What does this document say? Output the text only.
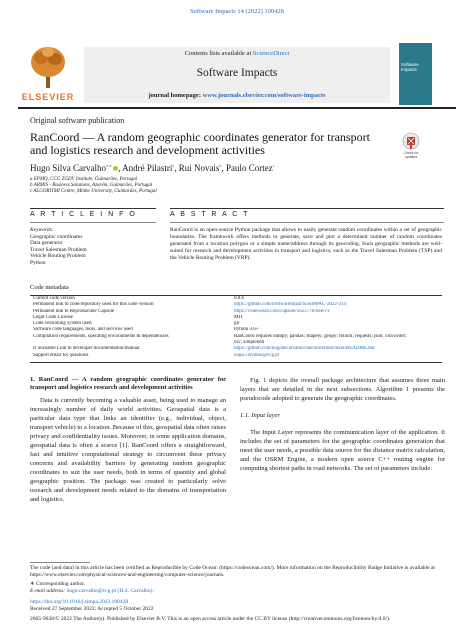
Software Impacts 14 (2022) 100428
ELSEVIER
Contents lists available at ScienceDirect
Software Impacts
journal homepage: www.journals.elsevier.com/software-impacts
Software Impacts
Original software publication
RanCoord — A random geographic coordinates generator for transport and logistics research and development activities	Check for updates
Hugo Silva Carvalho$^{a,∗}$ , André Pilastri$^a$, Rui Novais$^b$, Paulo Cortez$^c$
a EPMQ, CCG ZGDV Institute, Guimarães, Portugal
b ARMIS - Business Solutions, Azurém, Guimarães, Portugal
c ALGORITMI Centre, Minho University, Guimarães, Portugal
A R T I C L E I N F O	A B S T R A C T
Keywords:
Geographic coordinates
Data generator
Travel Salesman Problem
Vehicle Routing Problem
Python
RanCoord is an open-source Python package that allows to easily generate random coordinates within a set of geographic boundaries. The framework offers methods to generate, save and plot a determined number of random coordinates generated from a location polygon or a simple name/address through its geocoding. Such geographic methods are well-suited for research and development activities in transport and logistics, such as the Travel Salesman Problem (TSP) and the Vehicle Routing Problem (VRP).
Code metadata
Current code version	0.0.6
Permanent link to code/repository used for this code version	https://github.com/SoftwareImpacts/SIMPAC-2022-214
Permanent link to Reproducible Capsule	https://codeocean.com/capsule/562377b/tree/v1
Legal Code License	MIT
Code versioning system used	git
Software code languages, tools, and services used	Python 3.6+
Compilation requirements, operating environments & dependencies	RanCoord requires numpy; pandas; shapely; geopy; folium; requests; json; xlsxwriter;
	csv; simplekml
If available Link to developer documentation/manual	https://github.com/hugodscarvalho/rancoord/blob/main/README.md
Support email for questions	hugo.carvalho@ccg.pt
1. RanCoord — A random geographic coordinates generator for transport and logistics research and development activities
Data is currently becoming a valuable asset, being used to manage an increasingly number of daily world activities. Geospatial data is a particular data type that links an identifier (e.g., individual, object, transport vehicle) to a location. Because of this, geospatial data often raises privacy and confidentiality issues. Moreover, in some application domains, geospatial data is often a scarce [1]. RanCoord offers a straightforward, fast and intuitive computational strategy to circumvent these privacy concerns and availability barriers by generating random geographic coordinates to suit the user needs, both in terms of quantity and global geographic position. The package was created to particularly solve research and development needs related to the domains of transportation and logistics.
Fig. 1 depicts the overall package architecture that assumes three main layers that are detailed in the next subsections. Algorithm 1 presents the pseudocode adopted to generate the geographic coordinates.
1.1. Input layer
The Input Layer represents the communication layer of the application. It includes the set of parameters for the geographic coordinates generation that meet the user needs, a possible data source for the distance matrix calculation, and the OSRM Engine, a modern open source C++ routing engine for computing shortest paths in road networks. The set of parameters include:
The code (and data) in this article has been certified as Reproducible by Code Ocean: (https://codeocean.com/). More information on the Reproducibility Badge Initiative is available at https://www.elsevier.com/physical-sciences-and-engineering/computer-science/journals.
∗ Corresponding author.
E-mail address: hugo.carvalho@ccg.pt (H.S. Carvalho).
https://doi.org/10.1016/j.simpa.2022.100428
Received 27 September 2022; Accepted 5 October 2022
2665-9638/© 2022 The Author(s). Published by Elsevier B.V. This is an open access article under the CC BY license (http://creativecommons.org/licenses/by/4.0/).
